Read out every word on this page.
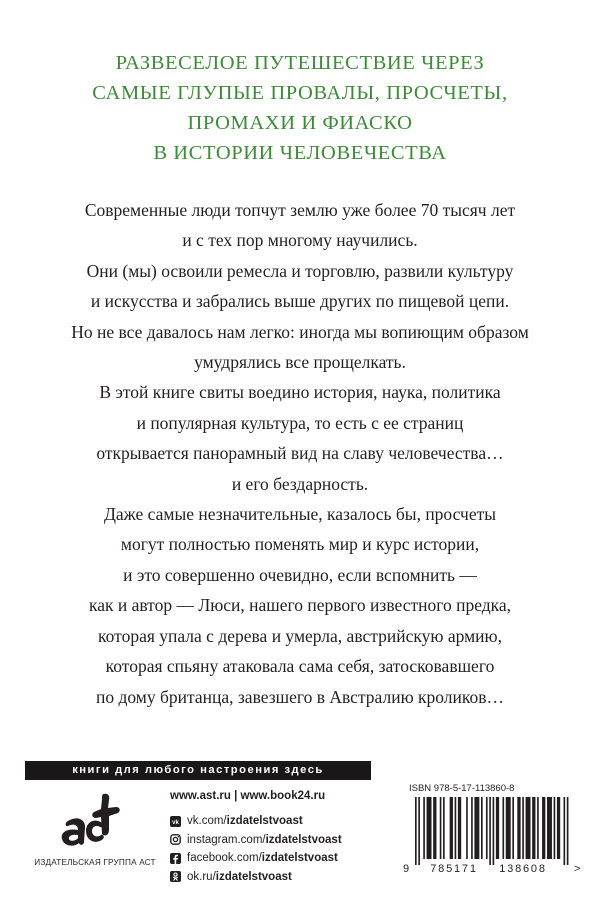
РАЗВЕСЕЛОЕ ПУТЕШЕСТВИЕ ЧЕРЕЗ
САМЫЕ ГЛУПЫЕ ПРОВАЛЫ, ПРОСЧЕТЫ,
ПРОМАХИ И ФИАСКО
В ИСТОРИИ ЧЕЛОВЕЧЕСТВА
Современные люди топчут землю уже более 70 тысяч лет
и с тех пор многому научились.
Они (мы) освоили ремесла и торговлю, развили культуру
и искусства и забрались выше других по пищевой цепи.
Но не все давалось нам легко: иногда мы вопиющим образом
умудрялись все прощелкать.
В этой книге свиты воедино история, наука, политика
и популярная культура, то есть с ее страниц
открывается панорамный вид на славу человечества…
и его бездарность.
Даже самые незначительные, казалось бы, просчеты
могут полностью поменять мир и курс истории,
и это совершенно очевидно, если вспомнить —
как и автор — Люси, нашего первого известного предка,
которая упала с дерева и умерла, австрийскую армию,
которая спьяну атаковала сама себя, затосковавшего
по дому британца, завезшего в Австралию кроликов…
книги для любого настроения здесь
ИЗДАТЕЛЬСКАЯ ГРУППА АСТ
www.ast.ru | www.book24.ru
vk vk.com/ izdatelstvoast
instagram.com/ izdatelstvoast
facebook.com/ izdatelstvoast
ok.ru/ izdatelstvoast
ISBN 978-5-17-113860-8
9 785171 138608 >
